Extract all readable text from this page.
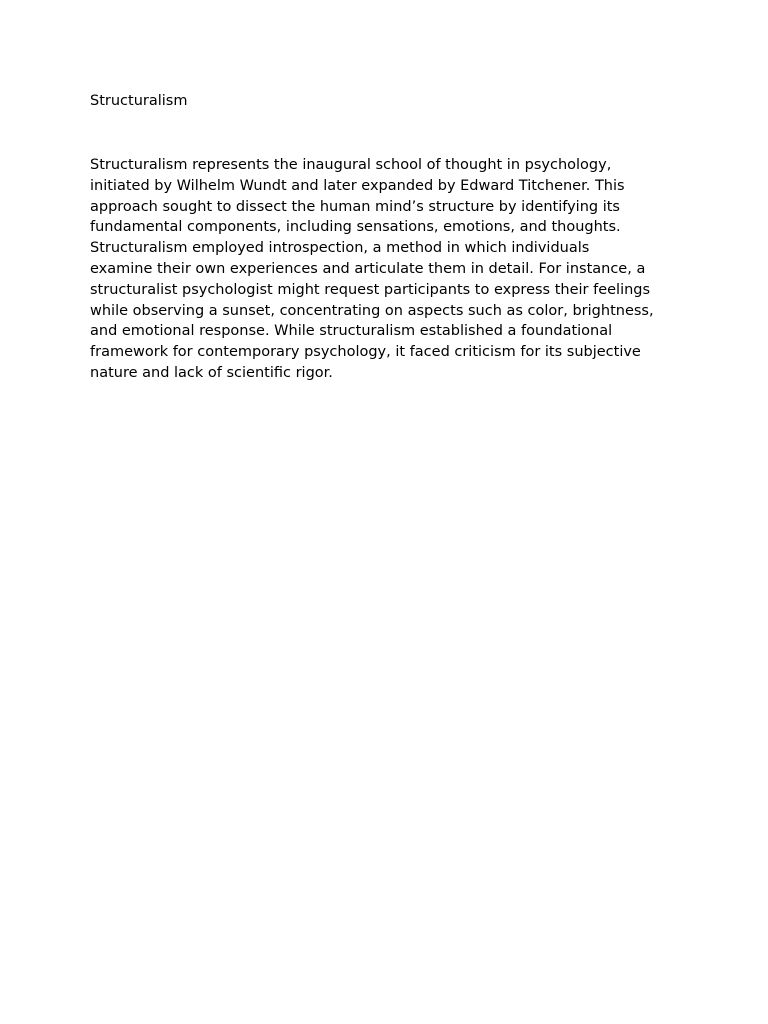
Structuralism

Structuralism represents the inaugural school of thought in psychology,
initiated by Wilhelm Wundt and later expanded by Edward Titchener. This
approach sought to dissect the human mind’s structure by identifying its
fundamental components, including sensations, emotions, and thoughts.
Structuralism employed introspection, a method in which individuals
examine their own experiences and articulate them in detail. For instance, a
structuralist psychologist might request participants to express their feelings
while observing a sunset, concentrating on aspects such as color, brightness,
and emotional response. While structuralism established a foundational
framework for contemporary psychology, it faced criticism for its subjective
nature and lack of scientific rigor.
